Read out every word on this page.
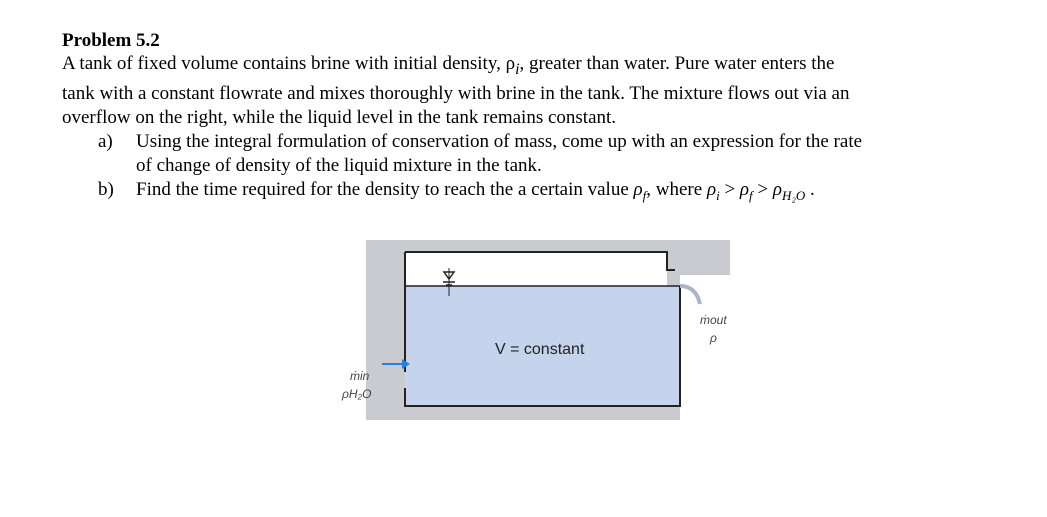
Problem 5.2

A tank of fixed volume contains brine with initial density, $\rho_i$, greater than water. Pure water enters the
tank with a constant flowrate and mixes thoroughly with brine in the tank. The mixture flows out via an
overflow on the right, while the liquid level in the tank remains constant.

a) Using the integral formulation of conservation of mass, come up with an expression for the rate
of change of density of the liquid mixture in the tank.
b) Find the time required for the density to reach the a certain value $\rho_f$, where $\rho_i > \rho_f > \rho_{H_2O}$ .
V = constant
ṁin
ρH₂O
ṁout
ρ
